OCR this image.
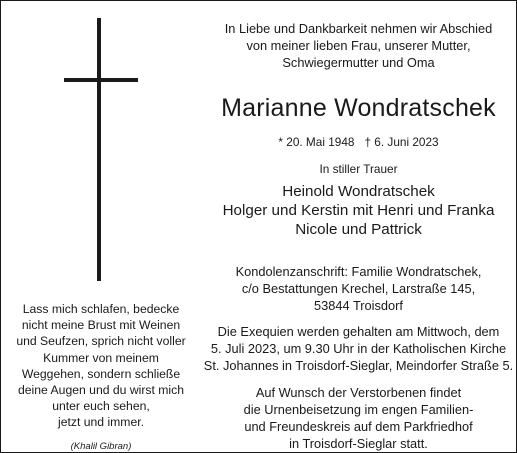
Lass mich schlafen, bedecke
nicht meine Brust mit Weinen
und Seufzen, sprich nicht voller
Kummer von meinem
Weggehen, sondern schließe
deine Augen und du wirst mich
unter euch sehen,
jetzt und immer.
(Khalil Gibran)
In Liebe und Dankbarkeit nehmen wir Abschied
von meiner lieben Frau, unserer Mutter,
Schwiegermutter und Oma
Marianne Wondratschek
* 20. Mai 1948 † 6. Juni 2023
In stiller Trauer
Heinold Wondratschek
Holger und Kerstin mit Henri und Franka
Nicole und Pattrick
Kondolenzanschrift: Familie Wondratschek,
c/o Bestattungen Krechel, Larstraße 145,
53844 Troisdorf
Die Exequien werden gehalten am Mittwoch, dem
5. Juli 2023, um 9.30 Uhr in der Katholischen Kirche
St. Johannes in Troisdorf-Sieglar, Meindorfer Straße 5.
Auf Wunsch der Verstorbenen findet
die Urnenbeisetzung im engen Familien-
und Freundeskreis auf dem Parkfriedhof
in Troisdorf-Sieglar statt.
